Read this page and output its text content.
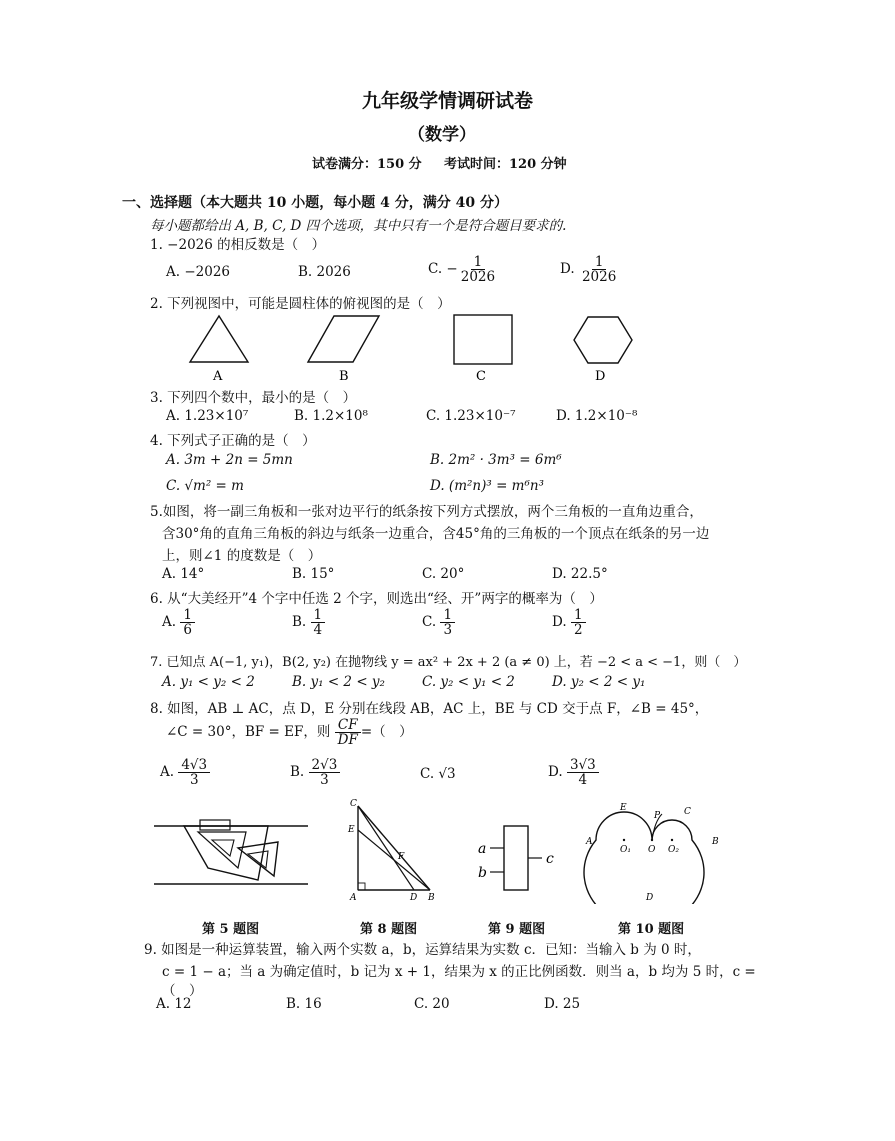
九年级学情调研试卷
（数学）
试卷满分：150 分 考试时间：120 分钟
一、选择题（本大题共 10 小题，每小题 4 分，满分 40 分）
每小题都给出 A, B, C, D 四个选项，其中只有一个是符合题目要求的.
1. −2026 的相反数是（　）
A. −2026	B. 2026	C. − $\frac{1}{2026}$	D. $\frac{1}{2026}$
2. 下列视图中，可能是圆柱体的俯视图的是（　）
A	B	C	D
3. 下列四个数中，最小的是（　）
A. 1.23×10⁷	B. 1.2×10⁸	C. 1.23×10⁻⁷	D. 1.2×10⁻⁸
4. 下列式子正确的是（　）
A. 3m + 2n = 5mn	B. 2m² · 3m³ = 6m⁶
C. √m² = m	D. (m²n)³ = m⁶n³
5.如图，将一副三角板和一张对边平行的纸条按下列方式摆放，两个三角板的一直角边重合，
含30°角的直角三角板的斜边与纸条一边重合，含45°角的三角板的一个顶点在纸条的另一边
上，则∠1 的度数是（　）
A. 14°	B. 15°	C. 20°	D. 22.5°
6. 从“大美经开”4 个字中任选 2 个字，则选出“经、开”两字的概率为（　）
A. $\frac{1}{6}$	B. $\frac{1}{4}$	C. $\frac{1}{3}$	D. $\frac{1}{2}$
7. 已知点 A(−1, y₁)，B(2, y₂) 在抛物线 y = ax² + 2x + 2 (a ≠ 0) 上，若 −2 < a < −1，则（　）
A. y₁ < y₂ < 2	B. y₁ < 2 < y₂	C. y₂ < y₁ < 2	D. y₂ < 2 < y₁
8. 如图，AB ⊥ AC，点 D，E 分别在线段 AB，AC 上，BE 与 CD 交于点 F，∠B = 45°，
∠C = 30°，BF = EF，则 $\frac{CF}{DF}$ =（　）
A. $\frac{4√3}{3}$	B. $\frac{2√3}{3}$	C. √3	D. $\frac{3√3}{4}$
C
E
F
A	D B
a
b
c
E
P	C
A
O₁ O O₂
B
D
第 5 题图	第 8 题图	第 9 题图	第 10 题图
9. 如图是一种运算装置，输入两个实数 a，b，运算结果为实数 c．已知：当输入 b 为 0 时，
c = 1 − a；当 a 为确定值时，b 记为 x + 1，结果为 x 的正比例函数．则当 a，b 均为 5 时，c =
（　）
A. 12	B. 16	C. 20	D. 25
